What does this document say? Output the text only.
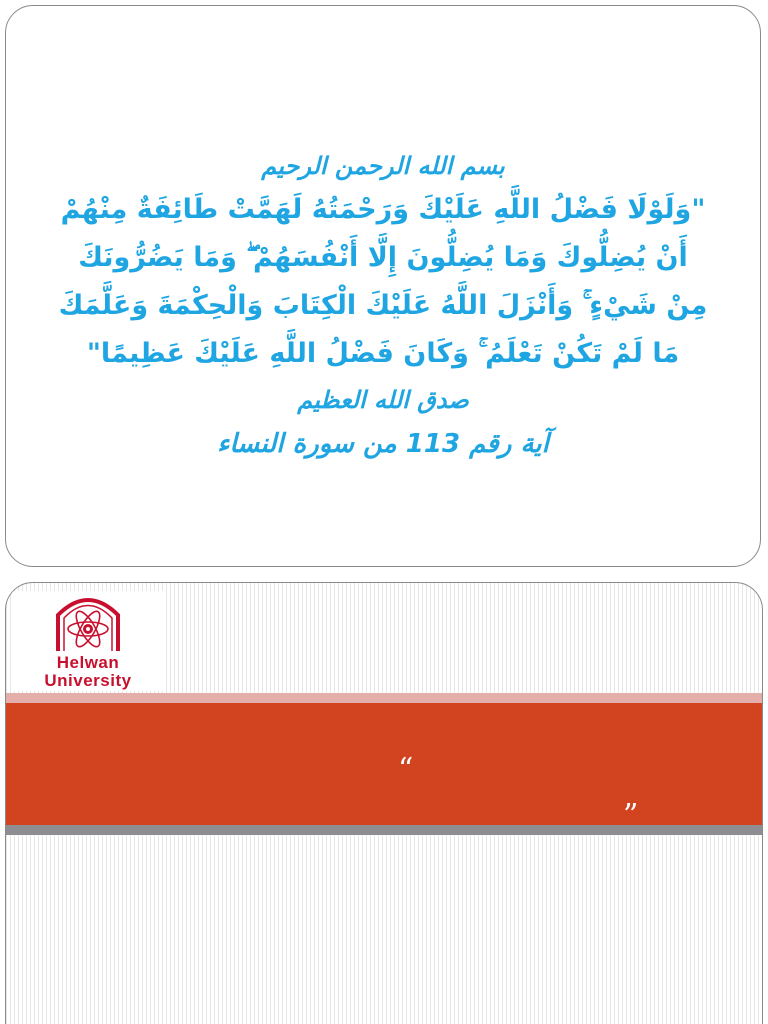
بسم الله الرحمن الرحيم
"وَلَوْلَا فَضْلُ اللَّهِ عَلَيْكَ وَرَحْمَتُهُ لَهَمَّتْ طَائِفَةٌ مِنْهُمْ
أَنْ يُضِلُّوكَ وَمَا يُضِلُّونَ إِلَّا أَنْفُسَهُمْ ۖ وَمَا يَضُرُّونَكَ
مِنْ شَيْءٍ ۚ وَأَنْزَلَ اللَّهُ عَلَيْكَ الْكِتَابَ وَالْحِكْمَةَ وَعَلَّمَكَ
مَا لَمْ تَكُنْ تَعْلَمُ ۚ وَكَانَ فَضْلُ اللَّهِ عَلَيْكَ عَظِيمًا"
صدق الله العظيم
آية رقم 113 من سورة النساء
Helwan
University
“
”
